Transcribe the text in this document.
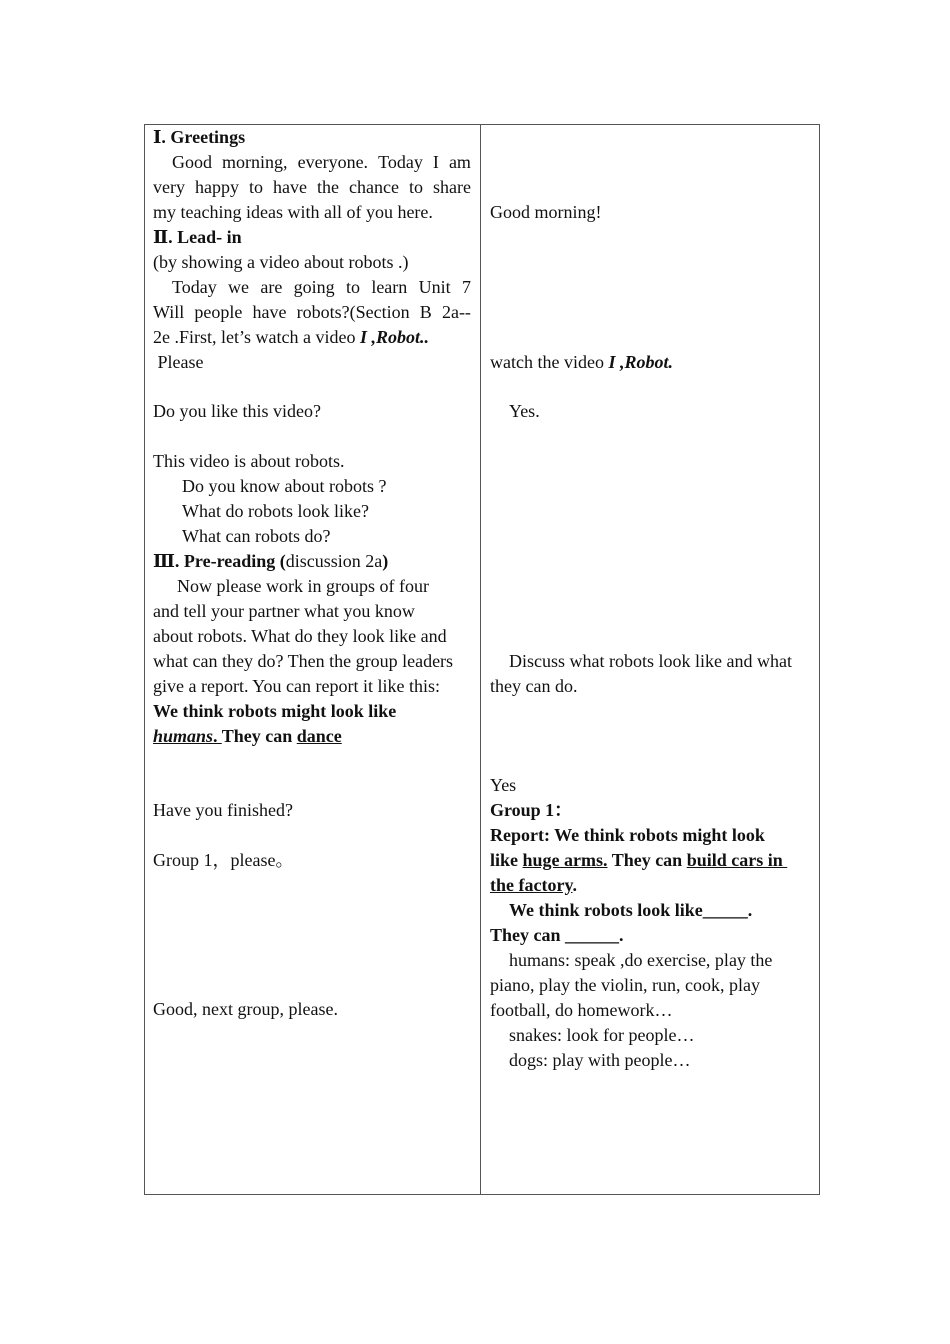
Ⅰ. Greetings
Good morning, everyone. Today I am
very happy to have the chance to share
my teaching ideas with all of you here.
Ⅱ. Lead- in
(by showing a video about robots .)
Today we are going to learn Unit 7
Will people have robots?(Section B 2a--
2e .First, let’s watch a video I ,Robot..
Please
Do you like this video?
This video is about robots.
Do you know about robots ?
What do robots look like?
What can robots do?
Ⅲ. Pre-reading (discussion 2a)
Now please work in groups of four
and tell your partner what you know
about robots. What do they look like and
what can they do? Then the group leaders
give a report. You can report it like this:
We think robots might look like
humans. They can dance
Have you finished?
Group 1，please。
Good, next group, please.
Good morning!
watch the video I ,Robot.
Yes.
Discuss what robots look like and what
they can do.
Yes
Group 1：
Report: We think robots might look
like huge arms. They can build cars in
the factory.
We think robots look like_____.
They can ______.
humans: speak ,do exercise, play the
piano, play the violin, run, cook, play
football, do homework…
snakes: look for people…
dogs: play with people…
